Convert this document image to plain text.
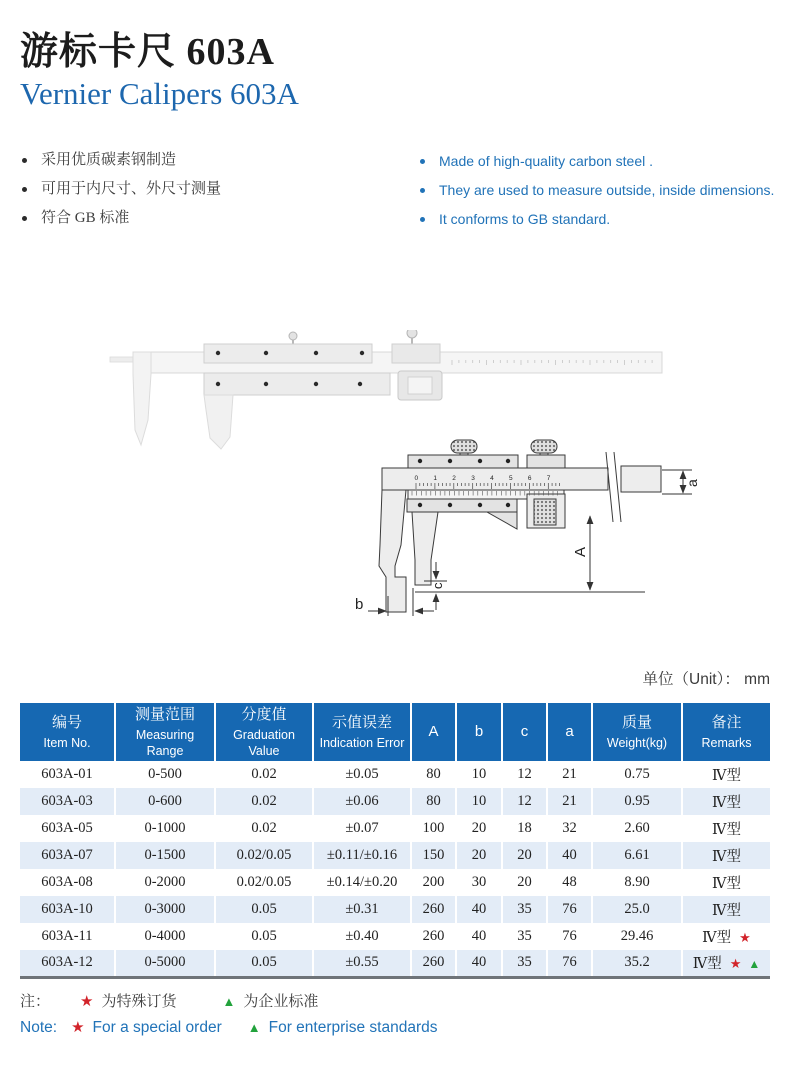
游标卡尺 603A
Vernier Calipers 603A
采用优质碳素钢制造
可用于内尺寸、外尺寸测量
符合 GB 标准
Made of high-quality carbon steel .
They are used to measure outside, inside dimensions.
It conforms to GB standard.
0 1 2 3 4 5 6 7
b
c
A
a
单位（Unit）： mm
编号
Item No.

测量范围
Measuring Range

分度值
Graduation Value

示值误差
Indication Error

A	b	c	a

质量
Weight(kg)

备注
Remarks

603A-01	0-500	0.02	±0.05	80	10	12	21	0.75	Ⅳ型
603A-03	0-600	0.02	±0.06	80	10	12	21	0.95	Ⅳ型
603A-05	0-1000	0.02	±0.07	100	20	18	32	2.60	Ⅳ型
603A-07	0-1500	0.02/0.05	±0.11/±0.16	150	20	20	40	6.61	Ⅳ型
603A-08	0-2000	0.02/0.05	±0.14/±0.20	200	30	20	48	8.90	Ⅳ型
603A-10	0-3000	0.05	±0.31	260	40	35	76	25.0	Ⅳ型
603A-11	0-4000	0.05	±0.40	260	40	35	76	29.46	Ⅳ型 ★
603A-12	0-5000	0.05	±0.55	260	40	35	76	35.2	Ⅳ型 ★ ▲
注： ★ 为特殊订货	▲ 为企业标准
Note: ★ For a special order ▲ For enterprise standards
